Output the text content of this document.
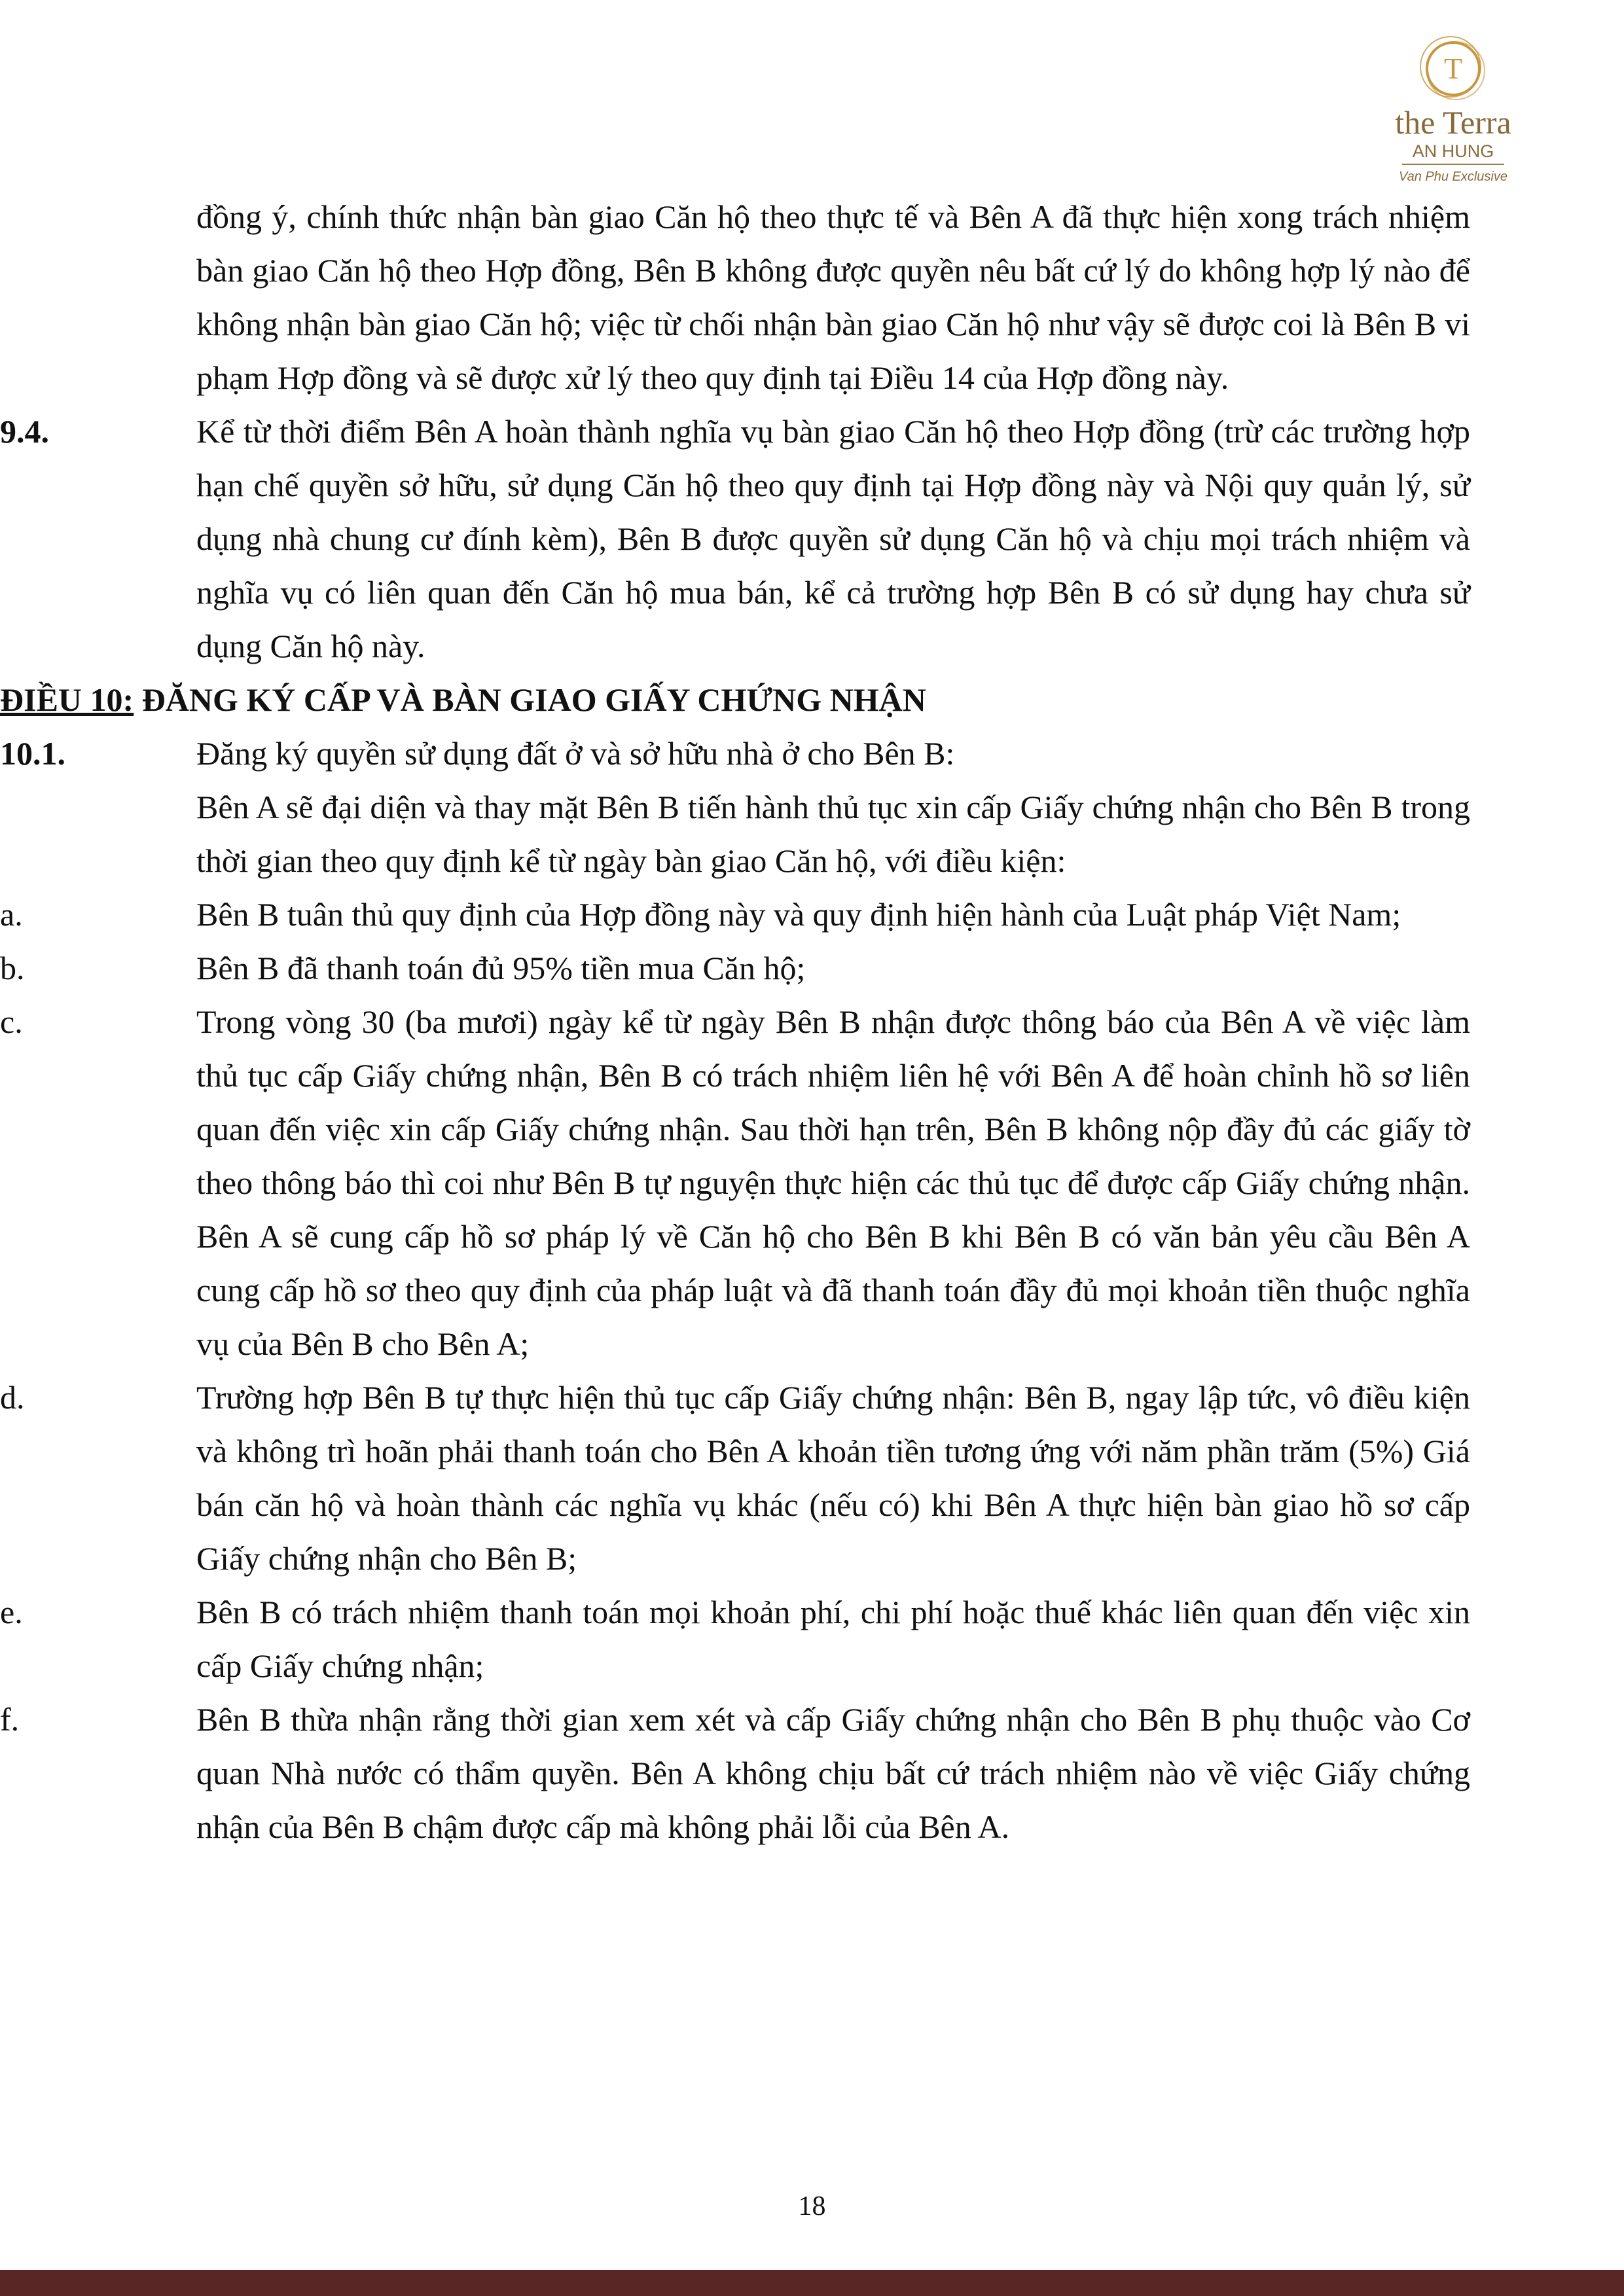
T
the Terra
AN HUNG
Van Phu Exclusive
đồng ý, chính thức nhận bàn giao Căn hộ theo thực tế và Bên A đã thực hiện xong trách nhiệm bàn giao Căn hộ theo Hợp đồng, Bên B không được quyền nêu bất cứ lý do không hợp lý nào để không nhận bàn giao Căn hộ; việc từ chối nhận bàn giao Căn hộ như vậy sẽ được coi là Bên B vi phạm Hợp đồng và sẽ được xử lý theo quy định tại Điều 14 của Hợp đồng này.
9.4.	Kể từ thời điểm Bên A hoàn thành nghĩa vụ bàn giao Căn hộ theo Hợp đồng (trừ các trường hợp hạn chế quyền sở hữu, sử dụng Căn hộ theo quy định tại Hợp đồng này và Nội quy quản lý, sử dụng nhà chung cư đính kèm), Bên B được quyền sử dụng Căn hộ và chịu mọi trách nhiệm và nghĩa vụ có liên quan đến Căn hộ mua bán, kể cả trường hợp Bên B có sử dụng hay chưa sử dụng Căn hộ này.
ĐIỀU 10: ĐĂNG KÝ CẤP VÀ BÀN GIAO GIẤY CHỨNG NHẬN
10.1.	Đăng ký quyền sử dụng đất ở và sở hữu nhà ở cho Bên B:
Bên A sẽ đại diện và thay mặt Bên B tiến hành thủ tục xin cấp Giấy chứng nhận cho Bên B trong thời gian theo quy định kể từ ngày bàn giao Căn hộ, với điều kiện:
a.	Bên B tuân thủ quy định của Hợp đồng này và quy định hiện hành của Luật pháp Việt Nam;
b.	Bên B đã thanh toán đủ 95% tiền mua Căn hộ;
c.	Trong vòng 30 (ba mươi) ngày kể từ ngày Bên B nhận được thông báo của Bên A về việc làm thủ tục cấp Giấy chứng nhận, Bên B có trách nhiệm liên hệ với Bên A để hoàn chỉnh hồ sơ liên quan đến việc xin cấp Giấy chứng nhận. Sau thời hạn trên, Bên B không nộp đầy đủ các giấy tờ theo thông báo thì coi như Bên B tự nguyện thực hiện các thủ tục để được cấp Giấy chứng nhận. Bên A sẽ cung cấp hồ sơ pháp lý về Căn hộ cho Bên B khi Bên B có văn bản yêu cầu Bên A cung cấp hồ sơ theo quy định của pháp luật và đã thanh toán đầy đủ mọi khoản tiền thuộc nghĩa vụ của Bên B cho Bên A;
d.	Trường hợp Bên B tự thực hiện thủ tục cấp Giấy chứng nhận: Bên B, ngay lập tức, vô điều kiện và không trì hoãn phải thanh toán cho Bên A khoản tiền tương ứng với năm phần trăm (5%) Giá bán căn hộ và hoàn thành các nghĩa vụ khác (nếu có) khi Bên A thực hiện bàn giao hồ sơ cấp Giấy chứng nhận cho Bên B;
e.	Bên B có trách nhiệm thanh toán mọi khoản phí, chi phí hoặc thuế khác liên quan đến việc xin cấp Giấy chứng nhận;
f.	Bên B thừa nhận rằng thời gian xem xét và cấp Giấy chứng nhận cho Bên B phụ thuộc vào Cơ quan Nhà nước có thẩm quyền. Bên A không chịu bất cứ trách nhiệm nào về việc Giấy chứng nhận của Bên B chậm được cấp mà không phải lỗi của Bên A.
18
